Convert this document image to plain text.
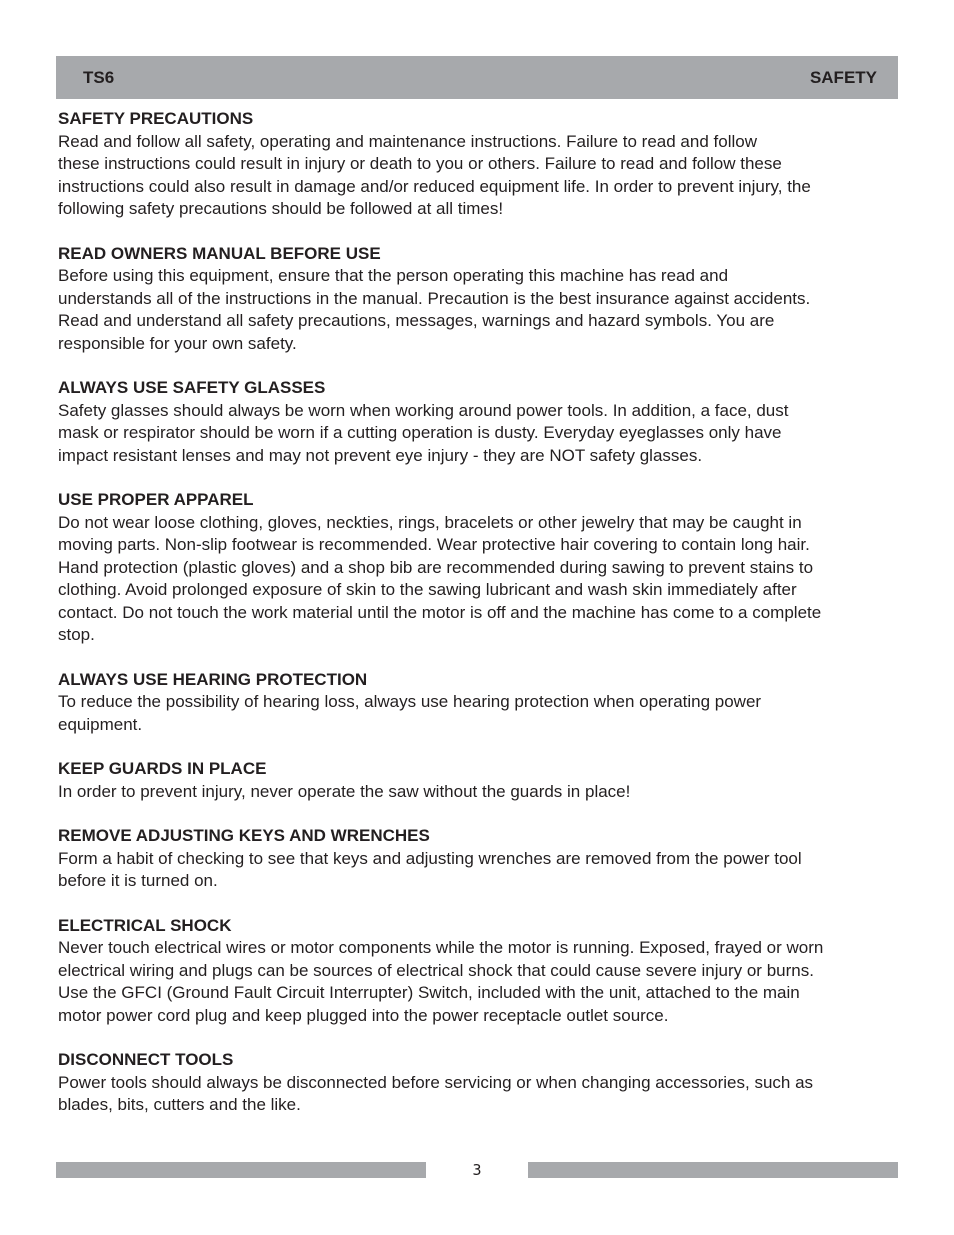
TS6	SAFETY

SAFETY PRECAUTIONS

Read and follow all safety, operating and maintenance instructions. Failure to read and follow
these instructions could result in injury or death to you or others. Failure to read and follow these
instructions could also result in damage and/or reduced equipment life. In order to prevent injury, the
following safety precautions should be followed at all times!

READ OWNERS MANUAL BEFORE USE

Before using this equipment, ensure that the person operating this machine has read and
understands all of the instructions in the manual. Precaution is the best insurance against accidents.
Read and understand all safety precautions, messages, warnings and hazard symbols. You are
responsible for your own safety.

ALWAYS USE SAFETY GLASSES

Safety glasses should always be worn when working around power tools. In addition, a face, dust
mask or respirator should be worn if a cutting operation is dusty. Everyday eyeglasses only have
impact resistant lenses and may not prevent eye injury - they are NOT safety glasses.

USE PROPER APPAREL

Do not wear loose clothing, gloves, neckties, rings, bracelets or other jewelry that may be caught in
moving parts. Non-slip footwear is recommended. Wear protective hair covering to contain long hair.
Hand protection (plastic gloves) and a shop bib are recommended during sawing to prevent stains to
clothing. Avoid prolonged exposure of skin to the sawing lubricant and wash skin immediately after
contact. Do not touch the work material until the motor is off and the machine has come to a complete
stop.

ALWAYS USE HEARING PROTECTION

To reduce the possibility of hearing loss, always use hearing protection when operating power
equipment.

KEEP GUARDS IN PLACE

In order to prevent injury, never operate the saw without the guards in place!

REMOVE ADJUSTING KEYS AND WRENCHES

Form a habit of checking to see that keys and adjusting wrenches are removed from the power tool
before it is turned on.

ELECTRICAL SHOCK

Never touch electrical wires or motor components while the motor is running. Exposed, frayed or worn
electrical wiring and plugs can be sources of electrical shock that could cause severe injury or burns.
Use the GFCI (Ground Fault Circuit Interrupter) Switch, included with the unit, attached to the main
motor power cord plug and keep plugged into the power receptacle outlet source.

DISCONNECT TOOLS

Power tools should always be disconnected before servicing or when changing accessories, such as
blades, bits, cutters and the like.

3
